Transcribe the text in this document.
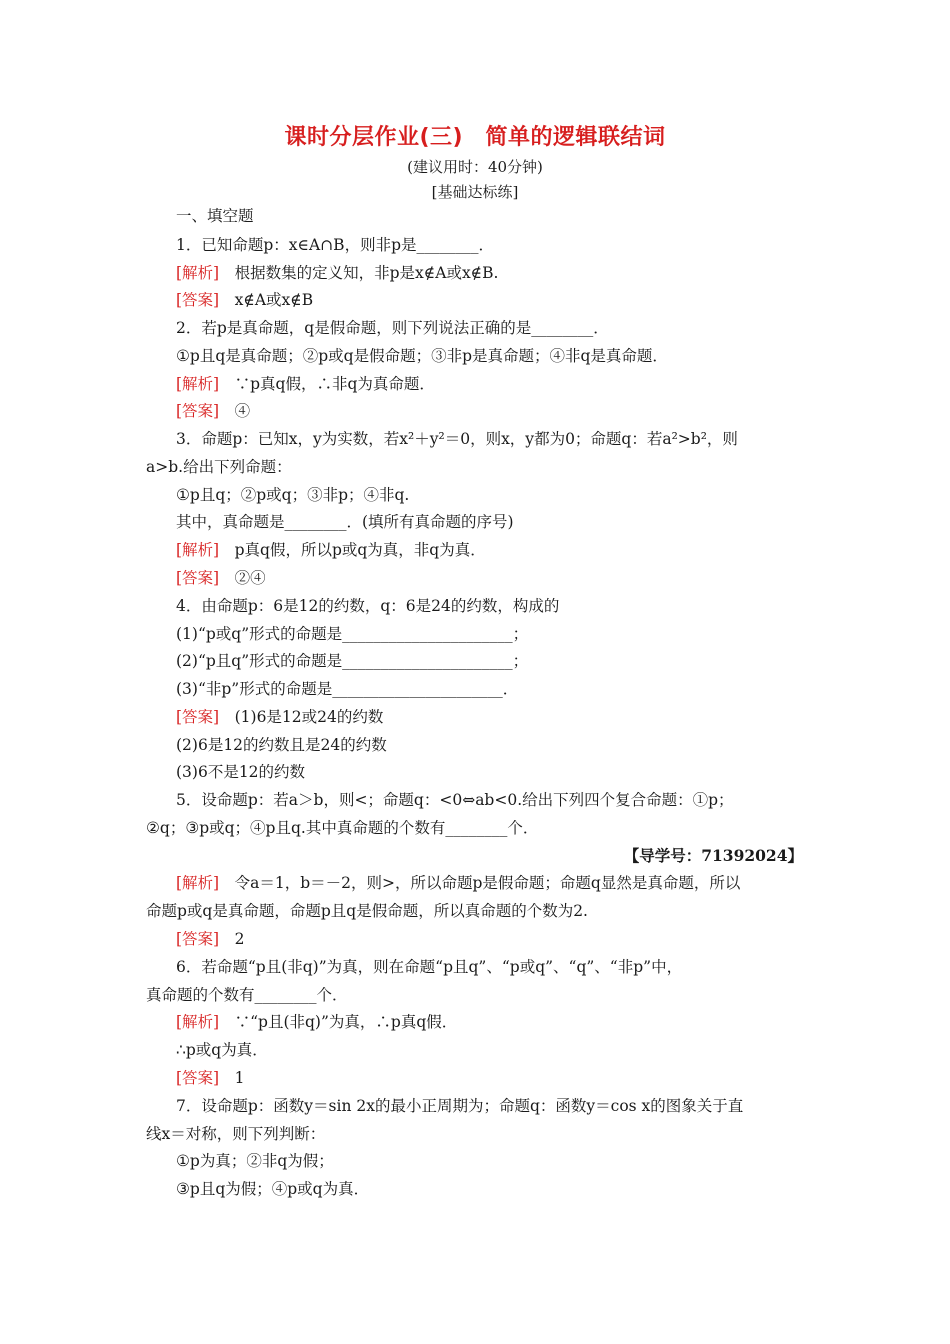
课时分层作业(三)　简单的逻辑联结词
(建议用时：40分钟)
[基础达标练]
一、填空题
1．已知命题p：x∈A∩B，则非p是________．
[解析]　根据数集的定义知，非p是x∉A或x∉B.
[答案]　x∉A或x∉B
2．若p是真命题，q是假命题，则下列说法正确的是________．
①p且q是真命题；②p或q是假命题；③非p是真命题；④非q是真命题．
[解析]　∵p真q假，∴非q为真命题．
[答案]　④
3．命题p：已知x，y为实数，若x²＋y²＝0，则x，y都为0；命题q：若a²>b²，则
a>b.给出下列命题：
①p且q；②p或q；③非p；④非q.
其中，真命题是________．(填所有真命题的序号)
[解析]　p真q假，所以p或q为真，非q为真．
[答案]　②④
4．由命题p：6是12的约数，q：6是24的约数，构成的
(1)“p或q”形式的命题是______________________；
(2)“p且q”形式的命题是______________________；
(3)“非p”形式的命题是______________________．
[答案]　(1)6是12或24的约数
(2)6是12的约数且是24的约数
(3)6不是12的约数
5．设命题p：若a＞b，则<；命题q：<0⇔ab<0.给出下列四个复合命题：①p；
②q；③p或q；④p且q.其中真命题的个数有________个．
【导学号：71392024】
[解析]　令a＝1，b＝－2，则>，所以命题p是假命题；命题q显然是真命题，所以
命题p或q是真命题，命题p且q是假命题，所以真命题的个数为2.
[答案]　2
6．若命题“p且(非q)”为真，则在命题“p且q”、“p或q”、“q”、“非p”中，
真命题的个数有________个．
[解析]　∵“p且(非q)”为真，∴p真q假．
∴p或q为真．
[答案]　1
7．设命题p：函数y＝sin 2x的最小正周期为；命题q：函数y＝cos x的图象关于直
线x＝对称，则下列判断：
①p为真；②非q为假；
③p且q为假；④p或q为真．
